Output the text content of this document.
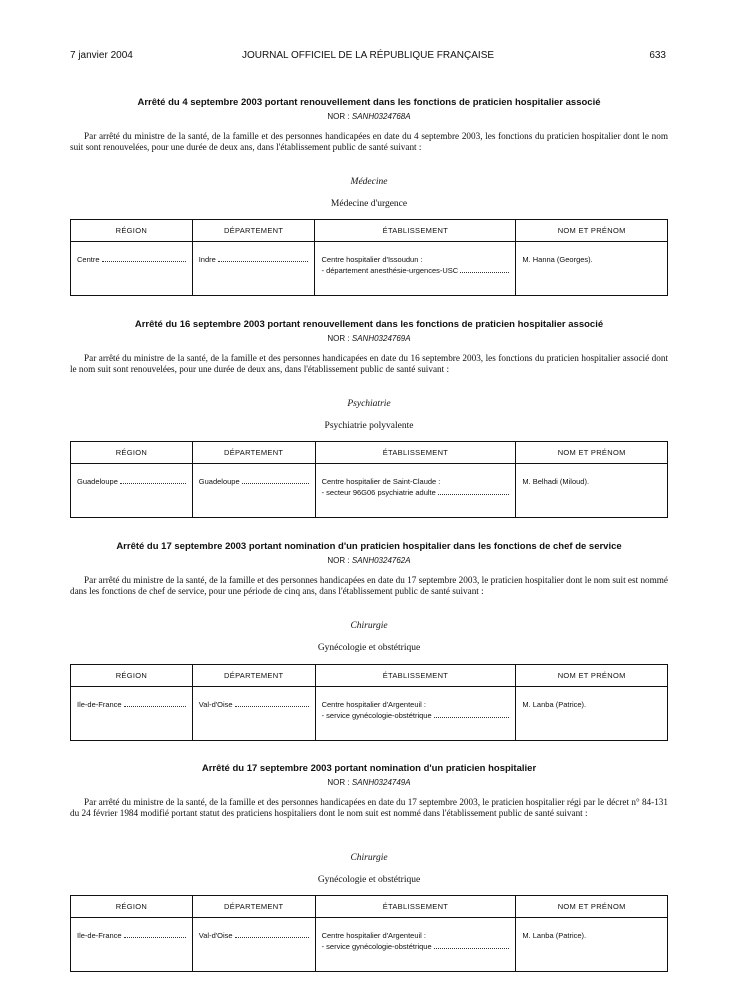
7 janvier 2004	JOURNAL OFFICIEL DE LA RÉPUBLIQUE FRANÇAISE	633

Arrêté du 4 septembre 2003 portant renouvellement dans les fonctions de praticien hospitalier associé

NOR : SANH0324768A

Par arrêté du ministre de la santé, de la famille et des personnes handicapées en date du 4 septembre 2003, les fonctions du praticien hospitalier dont le nom suit sont renouvelées, pour une durée de deux ans, dans l'établissement public de santé suivant :

Médecine

Médecine d'urgence

RÉGION	DÉPARTEMENT	ÉTABLISSEMENT	NOM ET PRÉNOM

Centre	Indre	Centre hospitalier d'Issoudun :
- département anesthésie-urgences-USC	M. Hanna (Georges).

Arrêté du 16 septembre 2003 portant renouvellement dans les fonctions de praticien hospitalier associé

NOR : SANH0324769A

Par arrêté du ministre de la santé, de la famille et des personnes handicapées en date du 16 septembre 2003, les fonctions du praticien hospitalier associé dont le nom suit sont renouvelées, pour une durée de deux ans, dans l'établissement public de santé suivant :

Psychiatrie

Psychiatrie polyvalente

RÉGION	DÉPARTEMENT	ÉTABLISSEMENT	NOM ET PRÉNOM

Guadeloupe	Guadeloupe	Centre hospitalier de Saint-Claude :
- secteur 96G06 psychiatrie adulte	M. Belhadi (Miloud).

Arrêté du 17 septembre 2003 portant nomination d'un praticien hospitalier dans les fonctions de chef de service

NOR : SANH0324762A

Par arrêté du ministre de la santé, de la famille et des personnes handicapées en date du 17 septembre 2003, le praticien hospitalier dont le nom suit est nommé dans les fonctions de chef de service, pour une période de cinq ans, dans l'établissement public de santé suivant :

Chirurgie

Gynécologie et obstétrique

RÉGION	DÉPARTEMENT	ÉTABLISSEMENT	NOM ET PRÉNOM

Ile-de-France	Val-d'Oise	Centre hospitalier d'Argenteuil :
- service gynécologie-obstétrique	M. Lanba (Patrice).

Arrêté du 17 septembre 2003 portant nomination d'un praticien hospitalier

NOR : SANH0324749A

Par arrêté du ministre de la santé, de la famille et des personnes handicapées en date du 17 septembre 2003, le praticien hospitalier régi par le décret n° 84-131 du 24 février 1984 modifié portant statut des praticiens hospitaliers dont le nom suit est nommé dans l'établissement public de santé suivant :

Chirurgie

Gynécologie et obstétrique

RÉGION	DÉPARTEMENT	ÉTABLISSEMENT	NOM ET PRÉNOM

Ile-de-France	Val-d'Oise	Centre hospitalier d'Argenteuil :
- service gynécologie-obstétrique	M. Lanba (Patrice).
